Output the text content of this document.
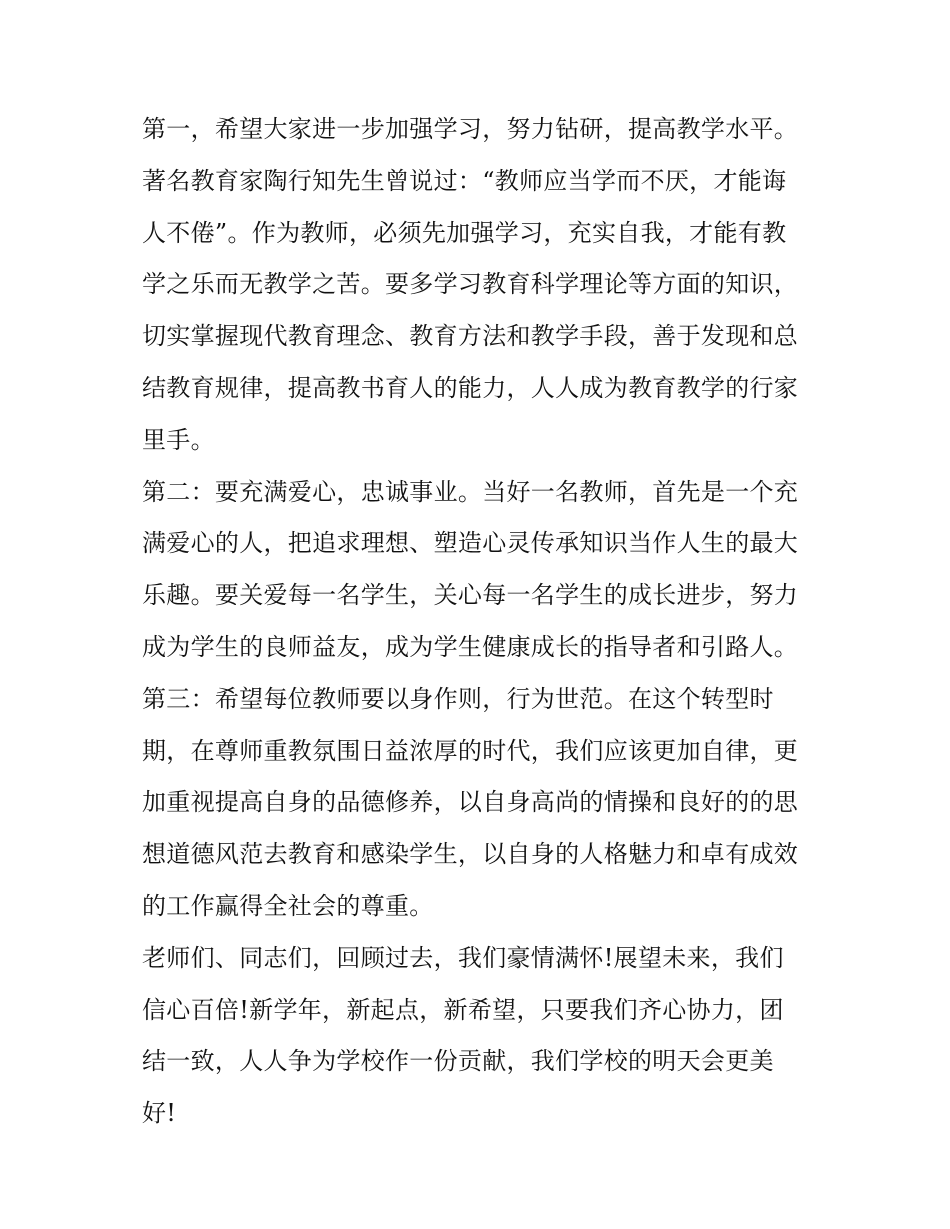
第一，希望大家进一步加强学习，努力钻研，提高教学水平。
著名教育家陶行知先生曾说过：“教师应当学而不厌，才能诲
人不倦”。作为教师，必须先加强学习，充实自我，才能有教
学之乐而无教学之苦。要多学习教育科学理论等方面的知识，
切实掌握现代教育理念、教育方法和教学手段，善于发现和总
结教育规律，提高教书育人的能力，人人成为教育教学的行家
里手。
第二：要充满爱心，忠诚事业。当好一名教师，首先是一个充
满爱心的人，把追求理想、塑造心灵传承知识当作人生的最大
乐趣。要关爱每一名学生，关心每一名学生的成长进步，努力
成为学生的良师益友，成为学生健康成长的指导者和引路人。
第三：希望每位教师要以身作则，行为世范。在这个转型时
期，在尊师重教氛围日益浓厚的时代，我们应该更加自律，更
加重视提高自身的品德修养，以自身高尚的情操和良好的的思
想道德风范去教育和感染学生，以自身的人格魅力和卓有成效
的工作赢得全社会的尊重。
老师们、同志们，回顾过去，我们豪情满怀!展望未来，我们
信心百倍!新学年，新起点，新希望，只要我们齐心协力，团
结一致，人人争为学校作一份贡献，我们学校的明天会更美
好!
